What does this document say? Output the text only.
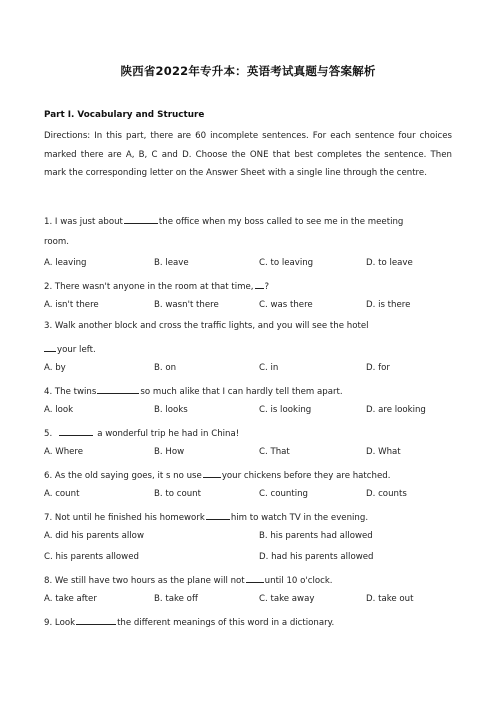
陕西省2022年专升本：英语考试真题与答案解析
Part I. Vocabulary and Structure
Directions: In this part, there are 60 incomplete sentences. For each sentence four choices marked there are A, B, C and D. Choose the ONE that best completes the sentence. Then mark the corresponding letter on the Answer Sheet with a single line through the centre.
1. I was just about	the office when my boss called to see me in the meeting
room.
A. leaving	B. leave	C. to leaving	D. to leave
2. There wasn't anyone in the room at that time, ?
A. isn't there	B. wasn't there	C. was there	D. is there
3. Walk another block and cross the traffic lights, and you will see the hotel
your left.
A. by	B. on	C. in	D. for
4. The twins	so much alike that I can hardly tell them apart.
A. look	B. looks	C. is looking	D. are looking
5.	a wonderful trip he had in China!
A. Where	B. How	C. That	D. What
6. As the old saying goes, it s no use your chickens before they are hatched.
A. count	B. to count	C. counting	D. counts
7. Not until he finished his homework	him to watch TV in the evening.
A. did his parents allow	B. his parents had allowed
C. his parents allowed	D. had his parents allowed
8. We still have two hours as the plane will not until 10 o'clock.
A. take after	B. take off	C. take away	D. take out
9. Look	the different meanings of this word in a dictionary.
